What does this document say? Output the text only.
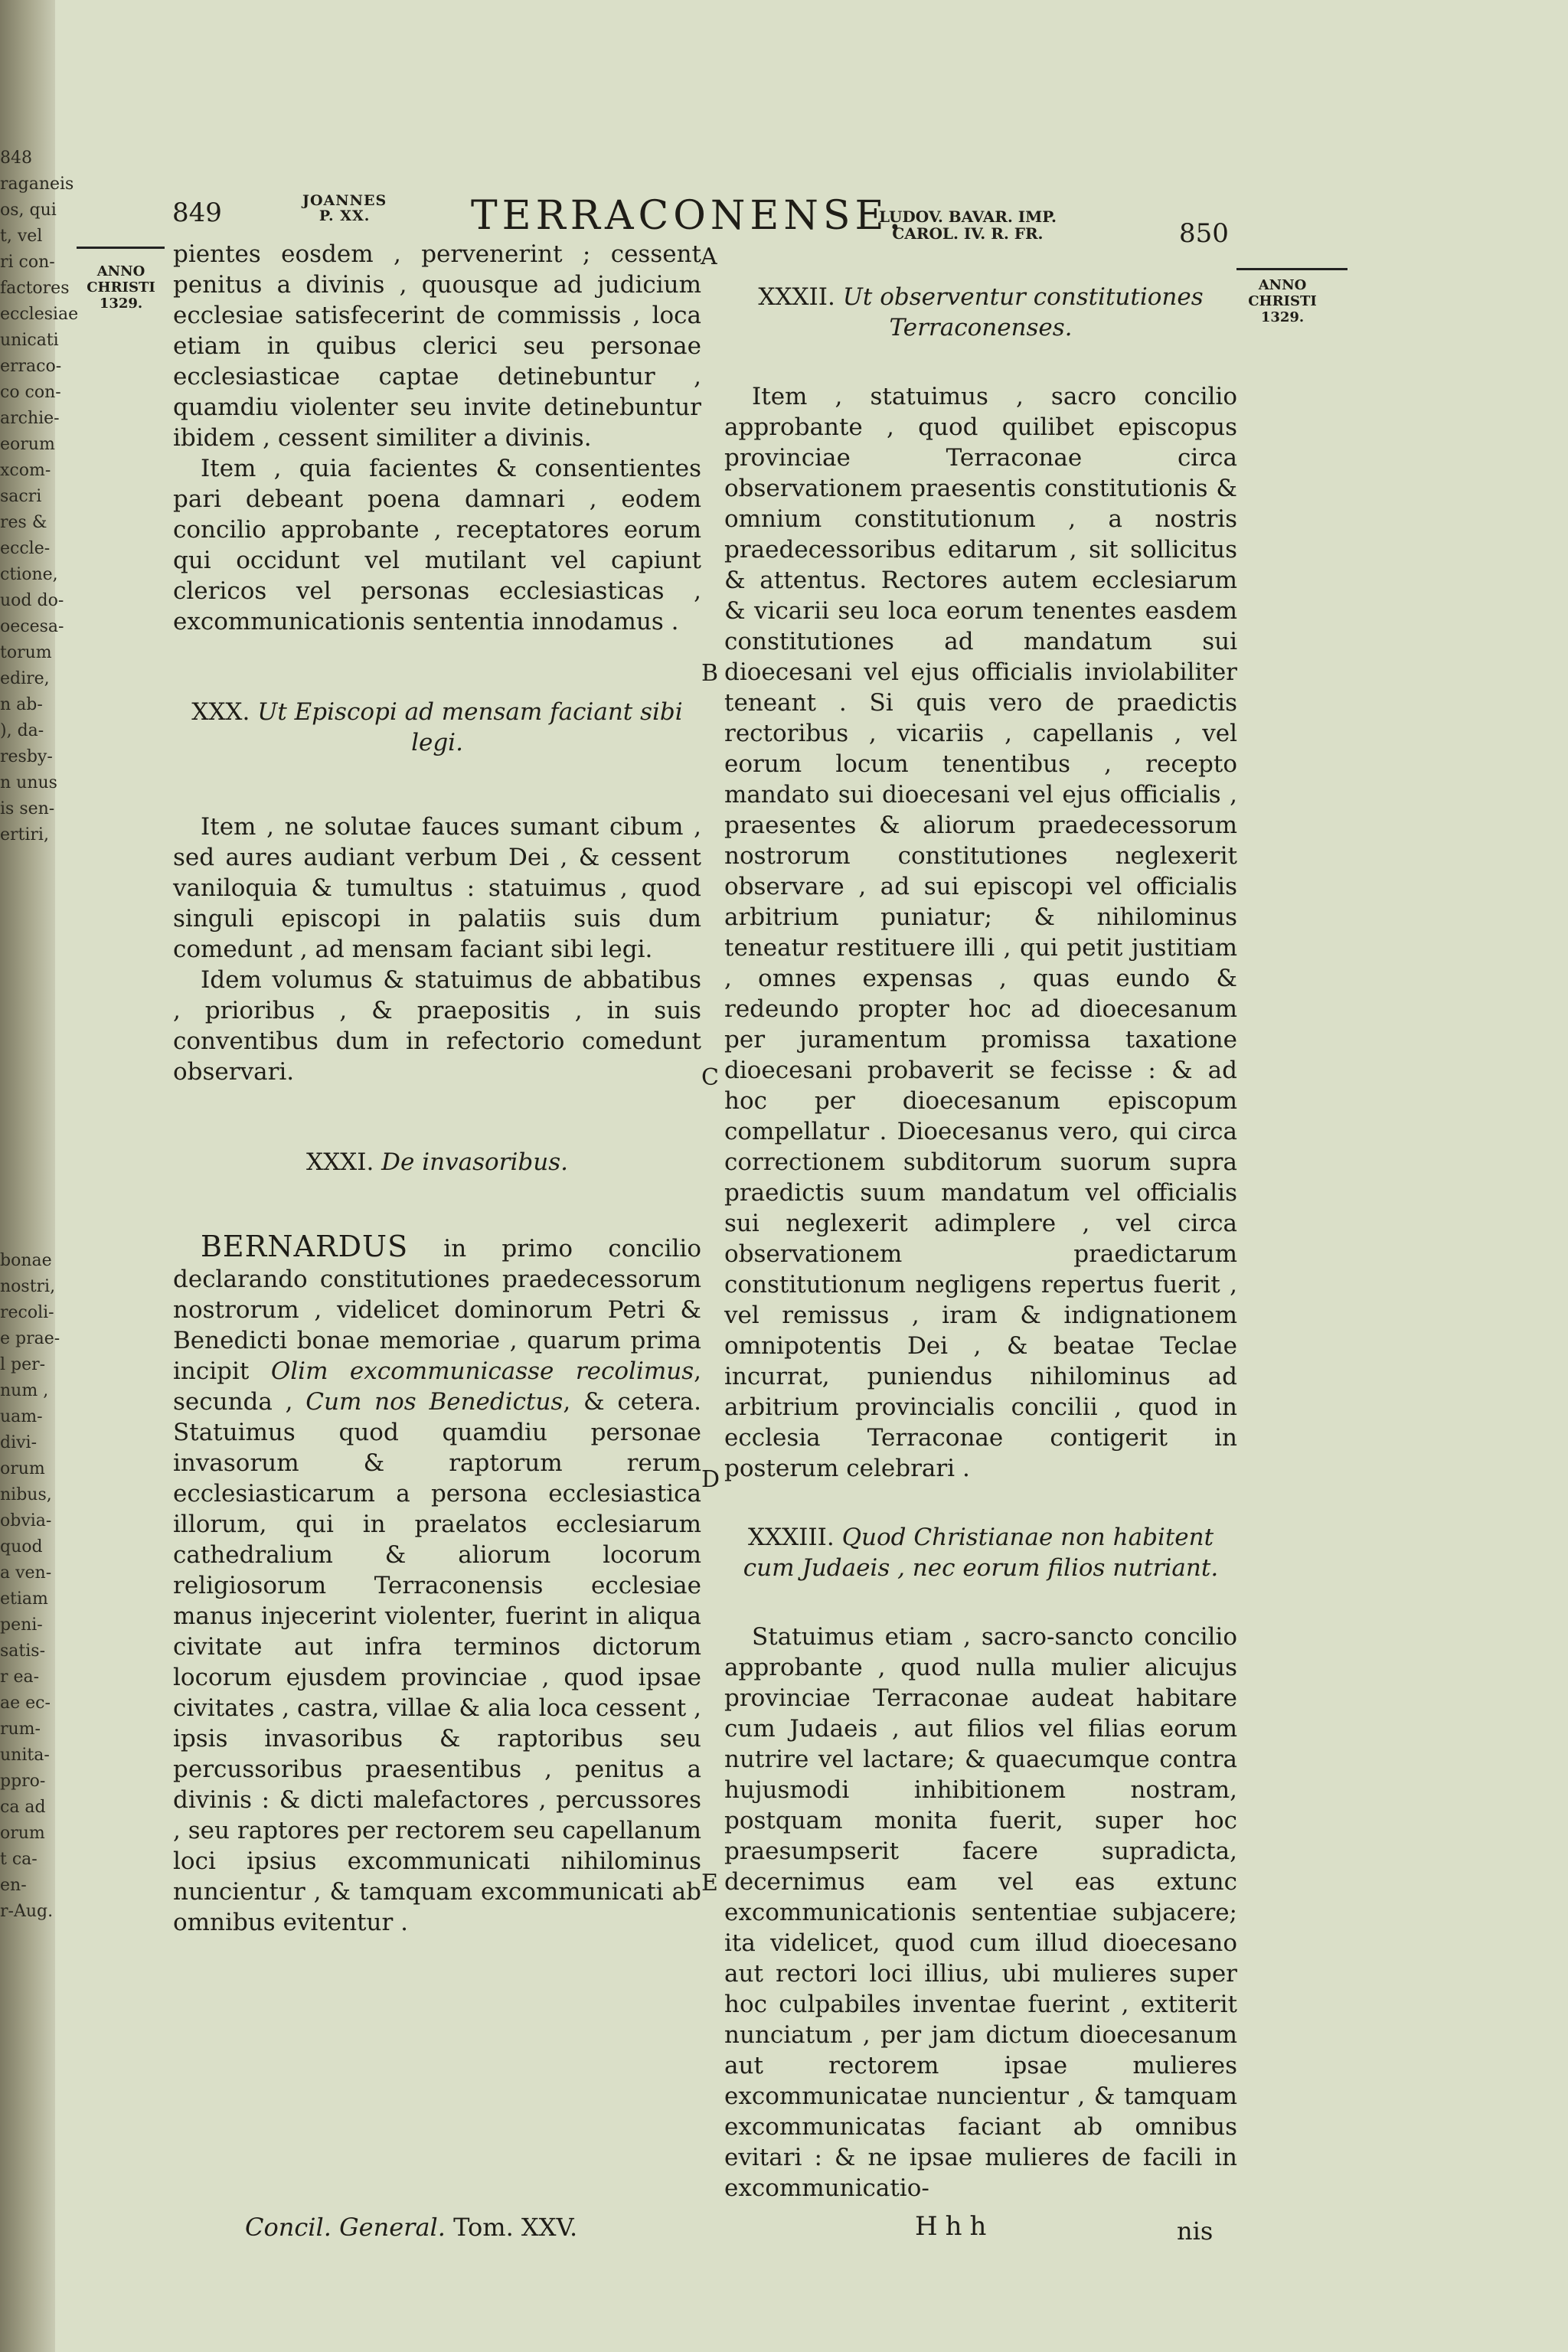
848
raganeis
os, qui
t, vel
ri con-
factores
ecclesiae
unicati
erraco-
co con-
archie-
eorum
xcom-
sacri
res &
eccle-
ctione,
uod do-
oecesa-
torum
edire,
n ab-
), da-
resby-
n unus
is sen-
ertiri,
bonae
nostri,
recoli-
e prae-
l per-
num ,
uam-
divi-
orum
nibus,
obvia-
quod
a ven-
etiam
peni-
satis-
r ea-
ae ec-
rum-
unita-
ppro-
ca ad
orum
t ca-
en-
r-Aug.
849	JOANNES
P. XX.	TERRACONENSE.
LUDOV. BAVAR. IMP.
CAROL. IV. R. FR.	850
ANNO
CHRISTI
1329.
ANNO
CHRISTI
1329.

pientes eosdem , pervenerint ; cessent penitus a divinis , quousque ad judicium ecclesiae satisfecerint de commissis , loca etiam in quibus clerici seu personae ecclesiasticae captae detinebuntur , quamdiu violenter seu invite detinebuntur ibidem , cessent similiter a divinis.

Item , quia facientes & consentientes pari debeant poena damnari , eodem concilio approbante , receptatores eorum qui occidunt vel mutilant vel capiunt clericos vel personas ecclesiasticas , excommunicationis sententia innodamus .

XXX. Ut Episcopi ad mensam faciant sibi legi.

Item , ne solutae fauces sumant cibum , sed aures audiant verbum Dei , & cessent vaniloquia & tumultus : statuimus , quod singuli episcopi in palatiis suis dum comedunt , ad mensam faciant sibi legi.

Idem volumus & statuimus de abbatibus , prioribus , & praepositis , in suis conventibus dum in refectorio comedunt observari.

XXXI. De invasoribus.

BERNARDUS in primo concilio declarando constitutiones praedecessorum nostrorum , videlicet dominorum Petri & Benedicti bonae memoriae , quarum prima incipit Olim excommunicasse recolimus, secunda , Cum nos Benedictus, & cetera. Statuimus quod quamdiu personae invasorum & raptorum rerum ecclesiasticarum a persona ecclesiastica illorum, qui in praelatos ecclesiarum cathedralium & aliorum locorum religiosorum Terraconensis ecclesiae manus injecerint violenter, fuerint in aliqua civitate aut infra terminos dictorum locorum ejusdem provinciae , quod ipsae civitates , castra, villae & alia loca cessent , ipsis invasoribus & raptoribus seu percussoribus praesentibus , penitus a divinis : & dicti malefactores , percussores , seu raptores per rectorem seu capellanum loci ipsius excommunicati nihilominus nuncientur , & tamquam excommunicati ab omnibus evitentur .

XXXII. Ut observentur constitutiones Terraconenses.

Item , statuimus , sacro concilio approbante , quod quilibet episcopus provinciae Terraconae circa observationem praesentis constitutionis & omnium constitutionum , a nostris praedecessoribus editarum , sit sollicitus & attentus. Rectores autem ecclesiarum & vicarii seu loca eorum tenentes easdem constitutiones ad mandatum sui dioecesani vel ejus officialis inviolabiliter teneant . Si quis vero de praedictis rectoribus , vicariis , capellanis , vel eorum locum tenentibus , recepto mandato sui dioecesani vel ejus officialis , praesentes & aliorum praedecessorum nostrorum constitutiones neglexerit observare , ad sui episcopi vel officialis arbitrium puniatur; & nihilominus teneatur restituere illi , qui petit justitiam , omnes expensas , quas eundo & redeundo propter hoc ad dioecesanum per juramentum promissa taxatione dioecesani probaverit se fecisse : & ad hoc per dioecesanum episcopum compellatur . Dioecesanus vero, qui circa correctionem subditorum suorum supra praedictis suum mandatum vel officialis sui neglexerit adimplere , vel circa observationem praedictarum constitutionum negligens repertus fuerit , vel remissus , iram & indignationem omnipotentis Dei , & beatae Teclae incurrat, puniendus nihilominus ad arbitrium provincialis concilii , quod in ecclesia Terraconae contigerit in posterum celebrari .

XXXIII. Quod Christianae non habitent cum Judaeis , nec eorum filios nutriant.

Statuimus etiam , sacro-sancto concilio approbante , quod nulla mulier alicujus provinciae Terraconae audeat habitare cum Judaeis , aut filios vel filias eorum nutrire vel lactare; & quaecumque contra hujusmodi inhibitionem nostram, postquam monita fuerit, super hoc praesumpserit facere supradicta, decernimus eam vel eas extunc excommunicationis sententiae subjacere; ita videlicet, quod cum illud dioecesano aut rectori loci illius, ubi mulieres super hoc culpabiles inventae fuerint , extiterit nunciatum , per jam dictum dioecesanum aut rectorem ipsae mulieres excommunicatae nuncientur , & tamquam excommunicatas faciant ab omnibus evitari : & ne ipsae mulieres de facili in excommunicatio-

A
B
C
D
E
Concil. General. Tom. XXV.	Hhh	nis
